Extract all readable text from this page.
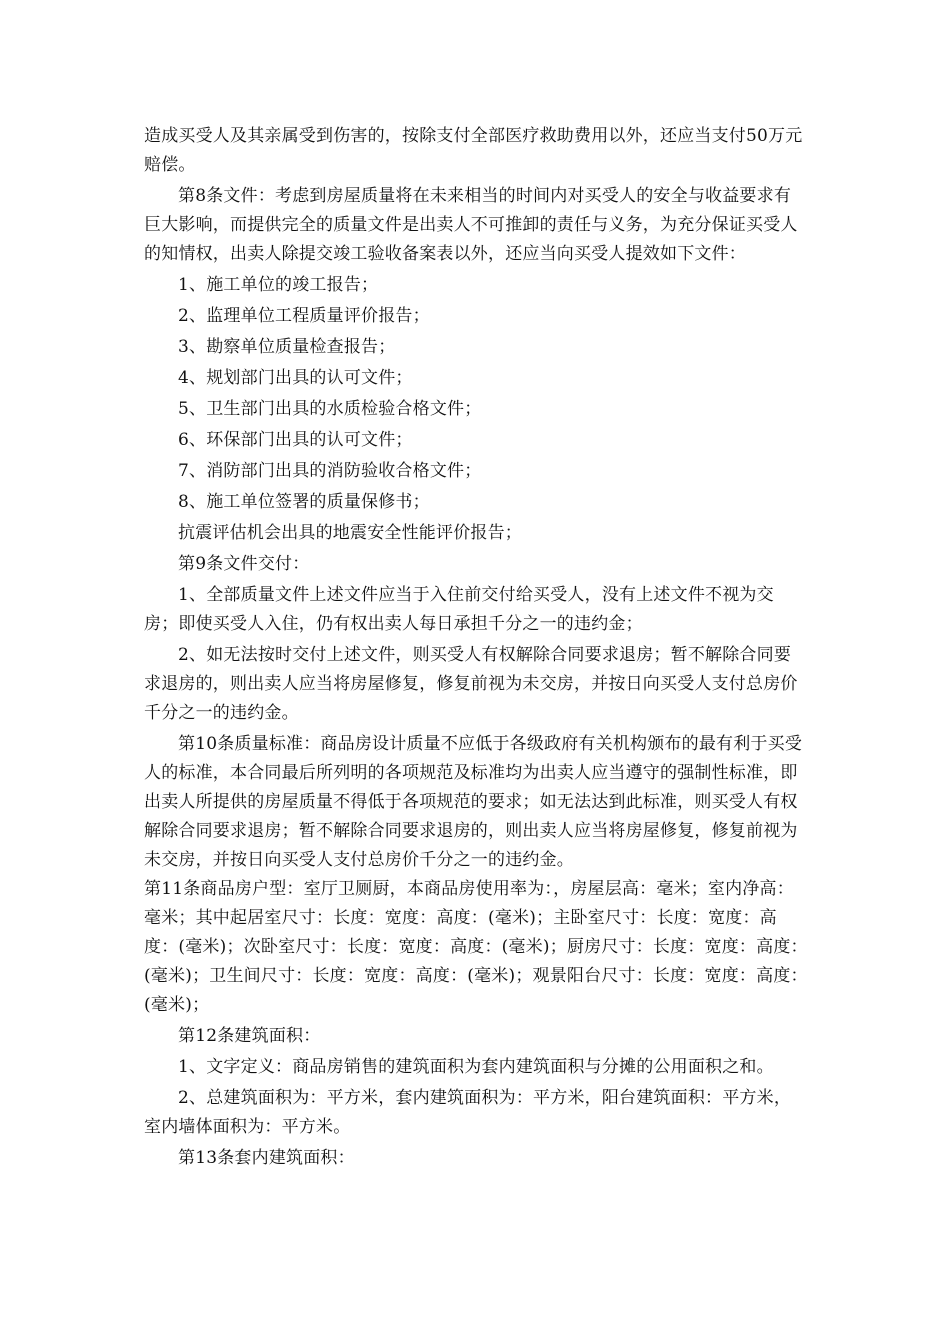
造成买受人及其亲属受到伤害的，按除支付全部医疗救助费用以外，还应当支付50万元赔偿。

第8条文件：考虑到房屋质量将在未来相当的时间内对买受人的安全与收益要求有巨大影响，而提供完全的质量文件是出卖人不可推卸的责任与义务，为充分保证买受人的知情权，出卖人除提交竣工验收备案表以外，还应当向买受人提效如下文件：

1、施工单位的竣工报告；

2、监理单位工程质量评价报告；

3、勘察单位质量检查报告；

4、规划部门出具的认可文件；

5、卫生部门出具的水质检验合格文件；

6、环保部门出具的认可文件；

7、消防部门出具的消防验收合格文件；

8、施工单位签署的质量保修书；

抗震评估机会出具的地震安全性能评价报告；

第9条文件交付：

1、全部质量文件上述文件应当于入住前交付给买受人，没有上述文件不视为交房；即使买受人入住，仍有权出卖人每日承担千分之一的违约金；

2、如无法按时交付上述文件，则买受人有权解除合同要求退房；暂不解除合同要求退房的，则出卖人应当将房屋修复，修复前视为未交房，并按日向买受人支付总房价千分之一的违约金。

第10条质量标准：商品房设计质量不应低于各级政府有关机构颁布的最有利于买受人的标准，本合同最后所列明的各项规范及标准均为出卖人应当遵守的强制性标准，即出卖人所提供的房屋质量不得低于各项规范的要求；如无法达到此标准，则买受人有权解除合同要求退房；暂不解除合同要求退房的，则出卖人应当将房屋修复，修复前视为未交房，并按日向买受人支付总房价千分之一的违约金。

第11条商品房户型：室厅卫厕厨，本商品房使用率为：，房屋层高：毫米；室内净高：毫米；其中起居室尺寸：长度：宽度：高度：(毫米)；主卧室尺寸：长度：宽度：高度：(毫米)；次卧室尺寸：长度：宽度：高度：(毫米)；厨房尺寸：长度：宽度：高度：(毫米)；卫生间尺寸：长度：宽度：高度：(毫米)；观景阳台尺寸：长度：宽度：高度：(毫米)；

第12条建筑面积：

1、文字定义：商品房销售的建筑面积为套内建筑面积与分摊的公用面积之和。

2、总建筑面积为：平方米，套内建筑面积为：平方米，阳台建筑面积：平方米，室内墙体面积为：平方米。

第13条套内建筑面积：
